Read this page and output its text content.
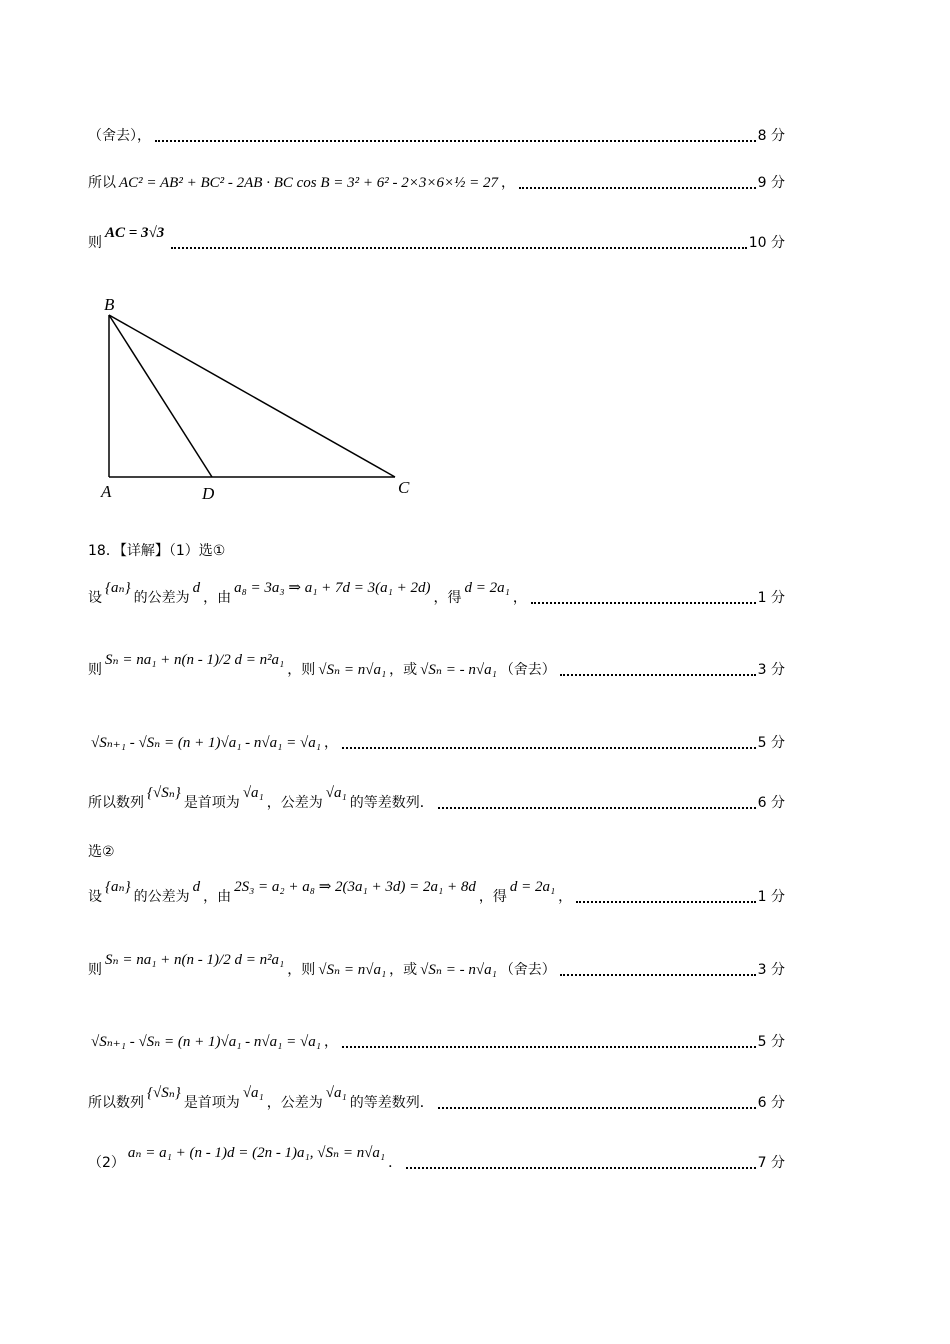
（舍去），	8 分
所以 AC² = AB² + BC² - 2AB · BC cos B = 3² + 6² - 2×3×6×½ = 27 ，	9 分
则
AC = 3√3
10 分
B
A	D	C
18．【详解】（1）选①
设
{aₙ}
的公差为
d
，由
a₈ = 3a₃ ⇒ a₁ + 7d = 3(a₁ + 2d)
，得
d = 2a₁
，	1 分
则
Sₙ = na₁ + n(n - 1)/2 d = n²a₁
，则 √Sₙ = n√a₁ ，或 √Sₙ = - n√a₁ （舍去）	3 分
√Sₙ₊₁ - √Sₙ = (n + 1)√a₁ - n√a₁ = √a₁ ，	5 分
所以数列
{√Sₙ}
是首项为
√a₁
，公差为
√a₁
的等差数列．	6 分
选②
设
{aₙ}
的公差为
d
，由
2S₃ = a₂ + a₈ ⇒ 2(3a₁ + 3d) = 2a₁ + 8d
，得
d = 2a₁
，	1 分
则
Sₙ = na₁ + n(n - 1)/2 d = n²a₁
，则 √Sₙ = n√a₁ ，或 √Sₙ = - n√a₁ （舍去）	3 分
√Sₙ₊₁ - √Sₙ = (n + 1)√a₁ - n√a₁ = √a₁ ，	5 分
所以数列
{√Sₙ}
是首项为
√a₁
，公差为
√a₁
的等差数列．	6 分
（2）
aₙ = a₁ + (n - 1)d = (2n - 1)a₁, √Sₙ = n√a₁
．	7 分
